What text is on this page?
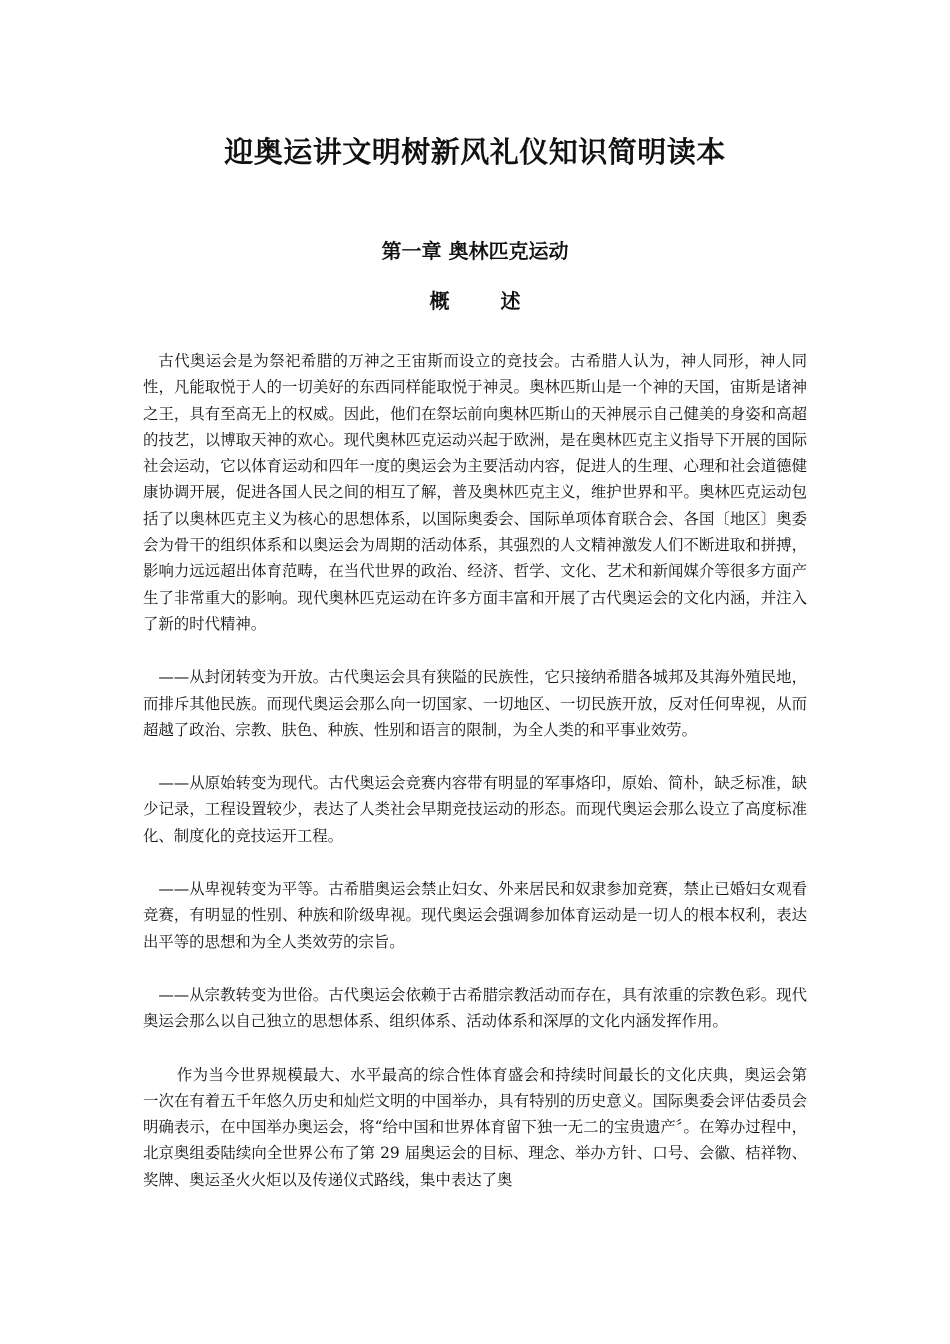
迎奥运讲文明树新风礼仪知识简明读本
第一章 奥林匹克运动
概 述

古代奥运会是为祭祀希腊的万神之王宙斯而设立的竞技会。古希腊人认为，神人同形，神人同性，凡能取悦于人的一切美好的东西同样能取悦于神灵。奥林匹斯山是一个神的天国，宙斯是诸神之王，具有至高无上的权威。因此，他们在祭坛前向奥林匹斯山的天神展示自己健美的身姿和高超的技艺，以博取天神的欢心。现代奥林匹克运动兴起于欧洲，是在奥林匹克主义指导下开展的国际社会运动，它以体育运动和四年一度的奥运会为主要活动内容，促进人的生理、心理和社会道德健康协调开展，促进各国人民之间的相互了解，普及奥林匹克主义，维护世界和平。奥林匹克运动包括了以奥林匹克主义为核心的思想体系，以国际奥委会、国际单项体育联合会、各国〔地区〕奥委会为骨干的组织体系和以奥运会为周期的活动体系，其强烈的人文精神激发人们不断进取和拼搏，影响力远远超出体育范畴，在当代世界的政治、经济、哲学、文化、艺术和新闻媒介等很多方面产生了非常重大的影响。现代奥林匹克运动在许多方面丰富和开展了古代奥运会的文化内涵，并注入了新的时代精神。

——从封闭转变为开放。古代奥运会具有狭隘的民族性，它只接纳希腊各城邦及其海外殖民地，而排斥其他民族。而现代奥运会那么向一切国家、一切地区、一切民族开放，反对任何卑视，从而超越了政治、宗教、肤色、种族、性别和语言的限制，为全人类的和平事业效劳。

——从原始转变为现代。古代奥运会竞赛内容带有明显的军事烙印，原始、简朴，缺乏标准，缺少记录，工程设置较少，表达了人类社会早期竞技运动的形态。而现代奥运会那么设立了高度标准化、制度化的竞技运开工程。

——从卑视转变为平等。古希腊奥运会禁止妇女、外来居民和奴隶参加竞赛，禁止已婚妇女观看竞赛，有明显的性别、种族和阶级卑视。现代奥运会强调参加体育运动是一切人的根本权利，表达出平等的思想和为全人类效劳的宗旨。

——从宗教转变为世俗。古代奥运会依赖于古希腊宗教活动而存在，具有浓重的宗教色彩。现代奥运会那么以自己独立的思想体系、组织体系、活动体系和深厚的文化内涵发挥作用。

作为当今世界规模最大、水平最高的综合性体育盛会和持续时间最长的文化庆典，奥运会第一次在有着五千年悠久历史和灿烂文明的中国举办，具有特别的历史意义。国际奥委会评估委员会明确表示，在中国举办奥运会，将“给中国和世界体育留下独一无二的宝贵遗产〞。在筹办过程中，北京奥组委陆续向全世界公布了第 29 届奥运会的目标、理念、举办方针、口号、会徽、桔祥物、奖牌、奥运圣火火炬以及传递仪式路线，集中表达了奥
